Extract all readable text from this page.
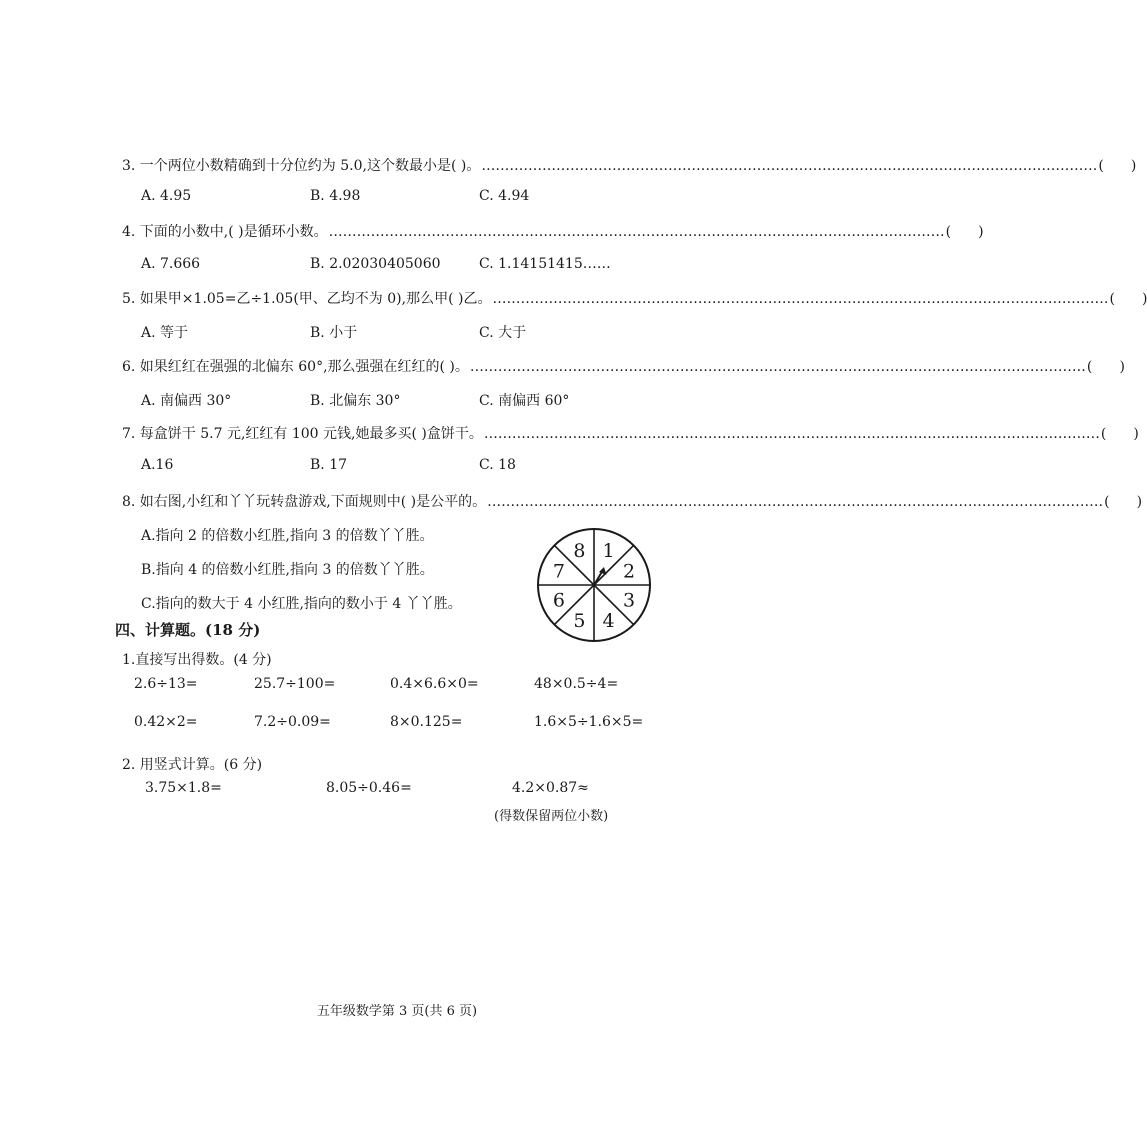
3. 一个两位小数精确到十分位约为 5.0,这个数最小是( )。 …………………………………………………………………………………………………………………… ( )
A. 4.95	B. 4.98	C. 4.94
4. 下面的小数中,( )是循环小数。 …………………………………………………………………………………………………………………… ( )
A. 7.666	B. 2.02030405060	C. 1.14151415……
5. 如果甲×1.05=乙÷1.05(甲、乙均不为 0),那么甲( )乙。 …………………………………………………………………………………………………………………… ( )
A. 等于	B. 小于	C. 大于
6. 如果红红在强强的北偏东 60°,那么强强在红红的( )。 …………………………………………………………………………………………………………………… ( )
A. 南偏西 30°	B. 北偏东 30°	C. 南偏西 60°
7. 每盒饼干 5.7 元,红红有 100 元钱,她最多买( )盒饼干。 …………………………………………………………………………………………………………………… ( )
A.16	B. 17	C. 18
8. 如右图,小红和丫丫玩转盘游戏,下面规则中( )是公平的。 …………………………………………………………………………………………………………………… ( )
A.指向 2 的倍数小红胜,指向 3 的倍数丫丫胜。
B.指向 4 的倍数小红胜,指向 3 的倍数丫丫胜。
C.指向的数大于 4 小红胜,指向的数小于 4 丫丫胜。
1
2
3
4
5
6
7
8
四、计算题。(18 分)
1.直接写出得数。(4 分)
2.6÷13=	25.7÷100=	0.4×6.6×0=	48×0.5÷4=
0.42×2=	7.2÷0.09=	8×0.125=	1.6×5÷1.6×5=
2. 用竖式计算。(6 分)
3.75×1.8=	8.05÷0.46=	4.2×0.87≈
(得数保留两位小数)
五年级数学第 3 页(共 6 页)
